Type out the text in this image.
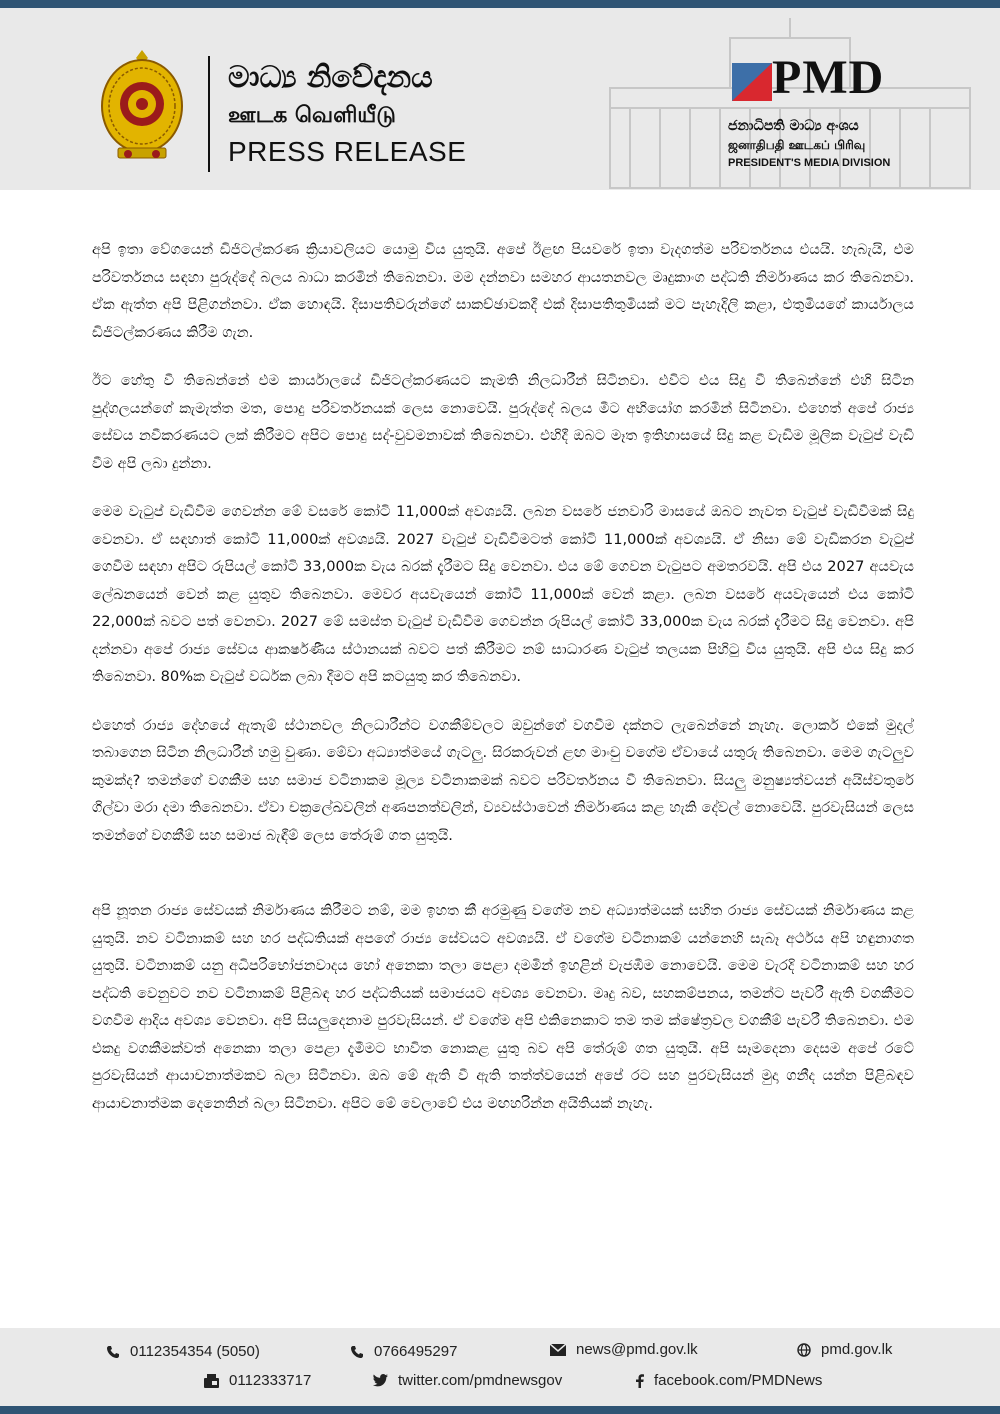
මාධ්‍ය නිවේදනය
ஊடக வெளியீடு
PRESS RELEASE
PMD
ජනාධිපති මාධ්‍ය අංශය
ஜனாதிபதி ஊடகப் பிரிவு
PRESIDENT'S MEDIA DIVISION

අපි ඉතා වේගයෙන් ඩිජිටල්කරණ ක්‍රියාවලියට යොමු විය යුතුයි. අපේ ඊළඟ පියවරේ ඉතා වැදගත්ම පරිවර්තනය එයයි. හැබැයි, එම පරිවර්තනය සඳහා පුරුද්දේ බලය බාධා කරමින් තිබෙනවා. මම දන්නවා සමහර ආයතනවල මෘදුකාංග පද්ධති නිර්මාණය කර තිබෙනවා. ඒක ඇත්ත අපි පිළිගන්නවා. ඒක හොඳයි. දිසාපතිවරුන්ගේ සාකච්ඡාවකදී එක් දිසාපතිතුමියක් මට පැහැදිලි කළා, එතුමියගේ කාර්යාලය ඩිජිටල්කරණය කිරීම ගැන.

ඊට හේතු වී තිබෙන්නේ එම කාර්යාලයේ ඩිජිටල්කරණයට කැමති නිලධාරීන් සිටිනවා. එවිට එය සිදු වී තිබෙන්නේ එහි සිටින පුද්ගලයන්ගේ කැමැත්ත මත, පොදු පරිවර්තනයක් ලෙස නොවෙයි. පුරුද්දේ බලය මීට අභියෝග කරමින් සිටිනවා. එහෙත් අපේ රාජ්‍ය සේවය නවීකරණයට ලක් කිරීමට අපිට පොදු සද්-වුවමනාවක් තිබෙනවා. එහිදී ඔබට මෑත ඉතිහාසයේ සිදු කළ වැඩිම මූලික වැටුප් වැඩි වීම අපි ලබා දුන්නා.

මෙම වැටුප් වැඩිවීම ගෙවන්න මේ වසරේ කෝටි 11,000ක් අවශ්‍යයි. ලබන වසරේ ජනවාරි මාසයේ ඔබට නැවත වැටුප් වැඩිවීමක් සිදු වෙනවා. ඒ සඳහාත් කෝටි 11,000ක් අවශ්‍යයි. 2027 වැටුප් වැඩිවීමටත් කෝටි 11,000ක් අවශ්‍යයි. ඒ නිසා මේ වැඩිකරන වැටුප් ගෙවීම සඳහා අපිට රුපියල් කෝටි 33,000ක වැය බරක් දැරීමට සිදු වෙනවා. එය මේ ගෙවන වැටුපට අමතරවයි. අපි එය 2027 අයවැය ලේඛනයෙන් වෙන් කළ යුතුව තිබෙනවා. මෙවර අයවැයෙන් කෝටි 11,000ක් වෙන් කළා. ලබන වසරේ අයවැයෙන් එය කෝටි 22,000ක් බවට පත් වෙනවා. 2027 මේ සමස්ත වැටුප් වැඩිවීම ගෙවන්න රුපියල් කෝටි 33,000ක වැය බරක් දැරීමට සිදු වෙනවා. අපි දන්නවා අපේ රාජ්‍ය සේවය ආකර්ෂණීය ස්ථානයක් බවට පත් කිරීමට නම් සාධාරණ වැටුප් තලයක පිහිටු විය යුතුයි. අපි එය සිදු කර තිබෙනවා. 80%ක වැටුප් වර්ධක ලබා දීමට අපි කටයුතු කර තිබෙනවා.

එහෙත් රාජ්‍ය දේහයේ ඇතැම් ස්ථානවල නිලධාරීන්ට වගකීම්වලට ඔවුන්ගේ වගවීම දක්නට ලැබෙන්නේ නැහැ. ලොකර් එකේ මුදල් තබාගෙන සිටින නිලධාරීන් හමු වුණා. මේවා අධ්‍යාත්මයේ ගැටලු. සිරකරුවන් ළඟ මාංචු වගේම ඒවායේ යතුරු තිබෙනවා. මෙම ගැටලුව කුමක්ද? තමන්ගේ වගකීම සහ සමාජ වටිනාකම මූල්‍ය වටිනාකමක් බවට පරිවර්තනය වී තිබෙනවා. සියලු මනුෂ්‍යත්වයන් අයිස්වතුරේ ගිල්වා මරා දමා තිබෙනවා. ඒවා චක්‍රලේඛවලින් අණපනත්වලින්, ව්‍යවස්ථාවෙන් නිර්මාණය කළ හැකි දේවල් නොවෙයි. පුරවැසියන් ලෙස තමන්ගේ වගකීම් සහ සමාජ බැඳීම් ලෙස තේරුම් ගත යුතුයි.

අපි නූතන රාජ්‍ය සේවයක් නිර්මාණය කිරීමට නම්, මම ඉහත කී අරමුණු වගේම නව අධ්‍යාත්මයක් සහිත රාජ්‍ය සේවයක් නිර්මාණය කළ යුතුයි. නව වටිනාකම් සහ හර පද්ධතියක් අපගේ රාජ්‍ය සේවයට අවශ්‍යයි. ඒ වගේම වටිනාකම් යන්නෙහි සැබෑ අර්ථය අපි හඳුනාගත යුතුයි. වටිනාකම් යනු අධිපරිභෝජනවාදය හෝ අනෙකා තලා පෙළා දමමින් ඉහළින් වැජඹීම නොවෙයි. මෙම වැරදි වටිනාකම් සහ හර පද්ධති වෙනුවට නව වටිනාකම් පිළිබඳ හර පද්ධතියක් සමාජයට අවශ්‍ය වෙනවා. මෘදු බව, සහකම්පනය, තමන්ට පැවරී ඇති වගකීමට වගවීම ආදිය අවශ්‍ය වෙනවා. අපි සියලුදෙනාම පුරවැසියන්. ඒ වගේම අපි එකිනෙකාට තම තම ක්ෂේත්‍රවල වගකීම් පැවරී තිබෙනවා. එම එකදු වගකීමක්වත් අනෙකා තලා පෙළා දැමීමට භාවිත නොකළ යුතු බව අපි තේරුම් ගත යුතුයි. අපි සෑමදෙනා දෙසම අපේ රටේ පුරවැසියන් ආයාචනාත්මකව බලා සිටිනවා. ඔබ මේ ඇති වී ඇති තත්ත්වයෙන් අපේ රට සහ පුරවැසියන් මුදා ගනීද යන්න පිළිබඳව ආයාචනාත්මක දෙනෙතින් බලා සිටිනවා. අපිට මේ වෙලාවේ එය මඟහරින්න අයිතියක් නැහැ.

0112354354 (5050)	0766495297	news@pmd.gov.lk	pmd.gov.lk
0112333717	twitter.com/pmdnewsgov	facebook.com/PMDNews
